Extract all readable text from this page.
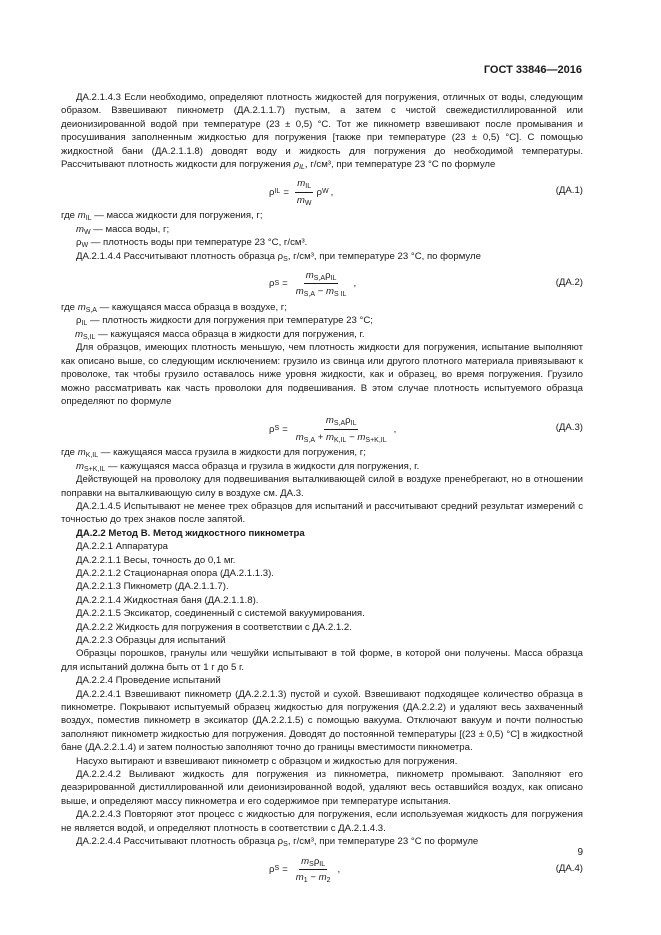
ГОСТ 33846—2016

ДА.2.1.4.3 Если необходимо, определяют плотность жидкостей для погружения, отличных от воды, следующим образом. Взвешивают пикнометр (ДА.2.1.1.7) пустым, а затем с чистой свежедистиллированной или деионизированной водой при температуре (23 ± 0,5) °С. Тот же пикнометр взвешивают после промывания и просушивания заполненным жидкостью для погружения [также при температуре (23 ± 0,5) °С]. С помощью жидкостной бани (ДА.2.1.1.8) доводят воду и жидкость для погружения до необходимой температуры. Рассчитывают плотность жидкости для погружения $\rho_{IL}$, г/см³, при температуре 23 °С по формуле

ρ IL = $\frac{m_{IL}}{m_W}$ ρ W ,	(ДА.1)

где $m_{IL}$ — масса жидкости для погружения, г;

$m_W$ — масса воды, г;

$\rho_W$ — плотность воды при температуре 23 °С, г/см³.

ДА.2.1.4.4 Рассчитывают плотность образца $\rho_S$, г/см³, при температуре 23 °С, по формуле

ρ $S = \frac{m_{S,A}\rho_{IL}}{m_{S,A} - m_{S IL}}$ ,	(ДА.2)

где $m_{S,A}$ — кажущаяся масса образца в воздухе, г;

$\rho_{IL}$ — плотность жидкости для погружения при температуре 23 °С;

$m_{S,IL}$ — кажущаяся масса образца в жидкости для погружения, г.

Для образцов, имеющих плотность меньшую, чем плотность жидкости для погружения, испытание выполняют как описано выше, со следующим исключением: грузило из свинца или другого плотного материала привязывают к проволоке, так чтобы грузило оставалось ниже уровня жидкости, как и образец, во время погружения. Грузило можно рассматривать как часть проволоки для подвешивания. В этом случае плотность испытуемого образца определяют по формуле

ρ $S = \frac{m_{S,A}\rho_{IL}}{m_{S,A} + m_{K,IL} - m_{S+K,IL}}$ ,	(ДА.3)

где $m_{K,IL}$ — кажущаяся масса грузила в жидкости для погружения, г;

$m_{S+K,IL}$ — кажущаяся масса образца и грузила в жидкости для погружения, г.

Действующей на проволоку для подвешивания выталкивающей силой в воздухе пренебрегают, но в отношении поправки на выталкивающую силу в воздухе см. ДА.3.

ДА.2.1.4.5 Испытывают не менее трех образцов для испытаний и рассчитывают средний результат измерений с точностью до трех знаков после запятой.

ДА.2.2 Метод В. Метод жидкостного пикнометра

ДА.2.2.1 Аппаратура

ДА.2.2.1.1 Весы, точность до 0,1 мг.

ДА.2.2.1.2 Стационарная опора (ДА.2.1.1.3).

ДА.2.2.1.3 Пикнометр (ДА.2.1.1.7).

ДА.2.2.1.4 Жидкостная баня (ДА.2.1.1.8).

ДА.2.2.1.5 Эксикатор, соединенный с системой вакуумирования.

ДА.2.2.2 Жидкость для погружения в соответствии с ДА.2.1.2.

ДА.2.2.3 Образцы для испытаний

Образцы порошков, гранулы или чешуйки испытывают в той форме, в которой они получены. Масса образца для испытаний должна быть от 1 г до 5 г.

ДА.2.2.4 Проведение испытаний

ДА.2.2.4.1 Взвешивают пикнометр (ДА.2.2.1.3) пустой и сухой. Взвешивают подходящее количество образца в пикнометре. Покрывают испытуемый образец жидкостью для погружения (ДА.2.2.2) и удаляют весь захваченный воздух, поместив пикнометр в эксикатор (ДА.2.2.1.5) с помощью вакуума. Отключают вакуум и почти полностью заполняют пикнометр жидкостью для погружения. Доводят до постоянной температуры [(23 ± 0,5) °С] в жидкостной бане (ДА.2.2.1.4) и затем полностью заполняют точно до границы вместимости пикнометра.

Насухо вытирают и взвешивают пикнометр с образцом и жидкостью для погружения.

ДА.2.2.4.2 Выливают жидкость для погружения из пикнометра, пикнометр промывают. Заполняют его деаэрированной дистиллированной или деионизированной водой, удаляют весь оставшийся воздух, как описано выше, и определяют массу пикнометра и его содержимое при температуре испытания.

ДА.2.2.4.3 Повторяют этот процесс с жидкостью для погружения, если используемая жидкость для погружения не является водой, и определяют плотность в соответствии с ДА.2.1.4.3.

ДА.2.2.4.4 Рассчитывают плотность образца $\rho_S$, г/см³, при температуре 23 °С по формуле

ρ $S = \frac{m_S\rho_{IL}}{m_1 - m_2}$ ,	(ДА.4)
9
